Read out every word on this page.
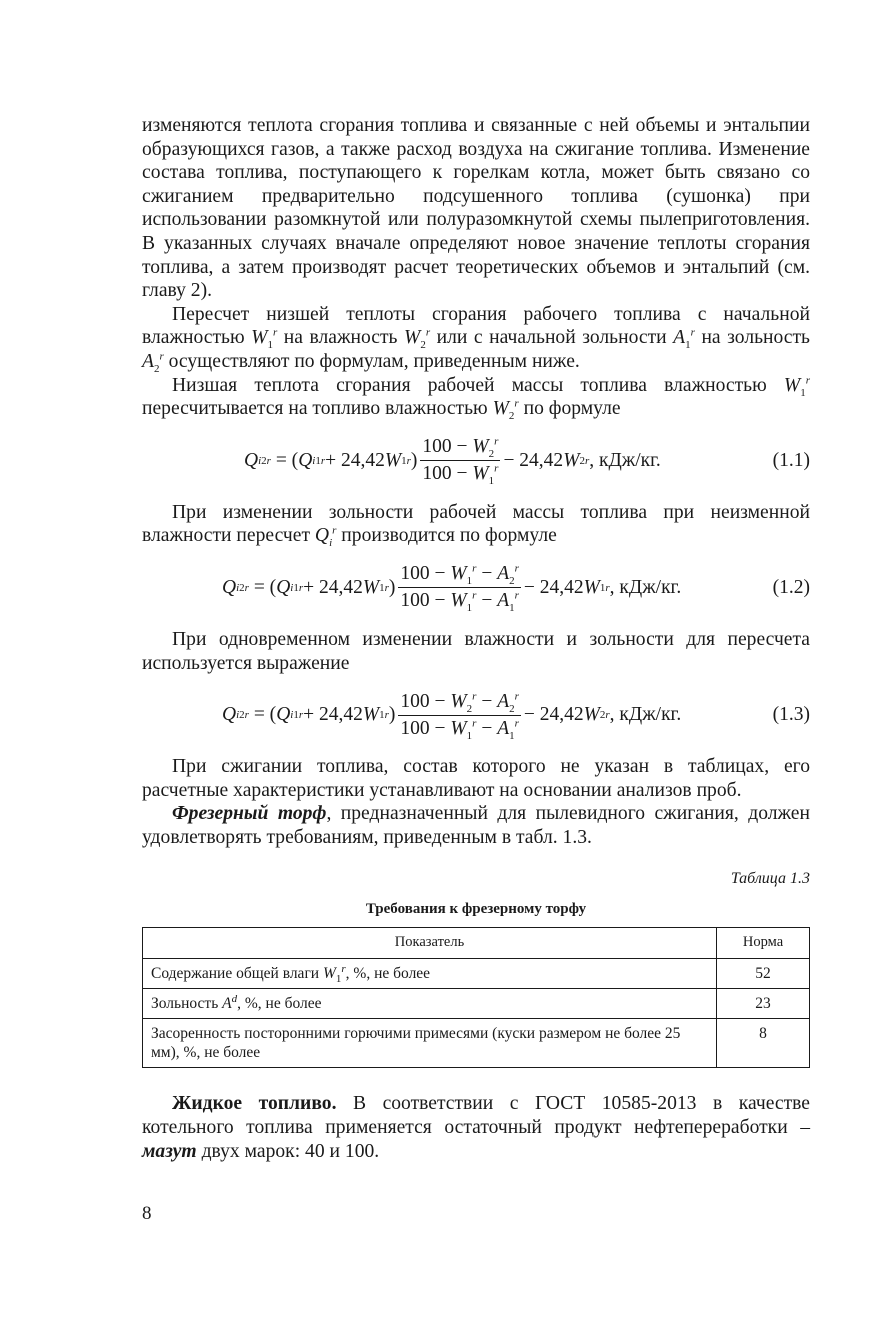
изменяются теплота сгорания топлива и связанные с ней объемы и энтальпии образующихся газов, а также расход воздуха на сжигание топлива. Изменение состава топлива, поступающего к горелкам котла, может быть связано со сжиганием предварительно подсушенного топлива (сушонка) при использовании разомкнутой или полуразомкнутой схемы пылеприготовления. В указанных случаях вначале определяют новое значение теплоты сгорания топлива, а затем производят расчет теоретических объемов и энтальпий (см. главу 2).

Пересчет низшей теплоты сгорания рабочего топлива с начальной влажностью $W_1^r$ на влажность $W_2^r$ или с начальной зольности $A_1^r$ на зольность $A_2^r$ осуществляют по формулам, приведенным ниже.

Низшая теплота сгорания рабочей массы топлива влажностью $W_1^r$ пересчитывается на топливо влажностью $W_2^r$ по формуле

Q i 2 r
= ( Q i 1 r + 24,42 W 1 r ) $\frac{100 - W_2^r}{100 - W_1^r} - 24,42$ W 2 r , кДж/кг.	(1.1)

При изменении зольности рабочей массы топлива при неизменной влажности пересчет $Q_i^r$ производится по формуле

Q i 2 r
= ( Q i 1 r + 24,42 W 1 r ) $\frac{100 - W_1^r - A_2^r}{100 - W_1^r - A_1^r} - 24,42$ W 1 r , кДж/кг.	(1.2)

При одновременном изменении влажности и зольности для пересчета используется выражение

Q i 2 r
= ( Q i 1 r + 24,42 W 1 r ) $\frac{100 - W_2^r - A_2^r}{100 - W_1^r - A_1^r} - 24,42$ W 2 r , кДж/кг.	(1.3)

При сжигании топлива, состав которого не указан в таблицах, его расчетные характеристики устанавливают на основании анализов проб.

Фрезерный торф, предназначенный для пылевидного сжигания, должен удовлетворять требованиям, приведенным в табл. 1.3.

Таблица 1.3
Требования к фрезерному торфу
Показатель	Норма
Содержание общей влаги $W_1^r$, %, не более	52
Зольность $A^d$, %, не более	23
Засоренность посторонними горючими примесями (куски размером не более 25 мм), %, не более	8

Жидкое топливо. В соответствии с ГОСТ 10585-2013 в качестве котельного топлива применяется остаточный продукт нефтепереработки – мазут двух марок: 40 и 100.

8
